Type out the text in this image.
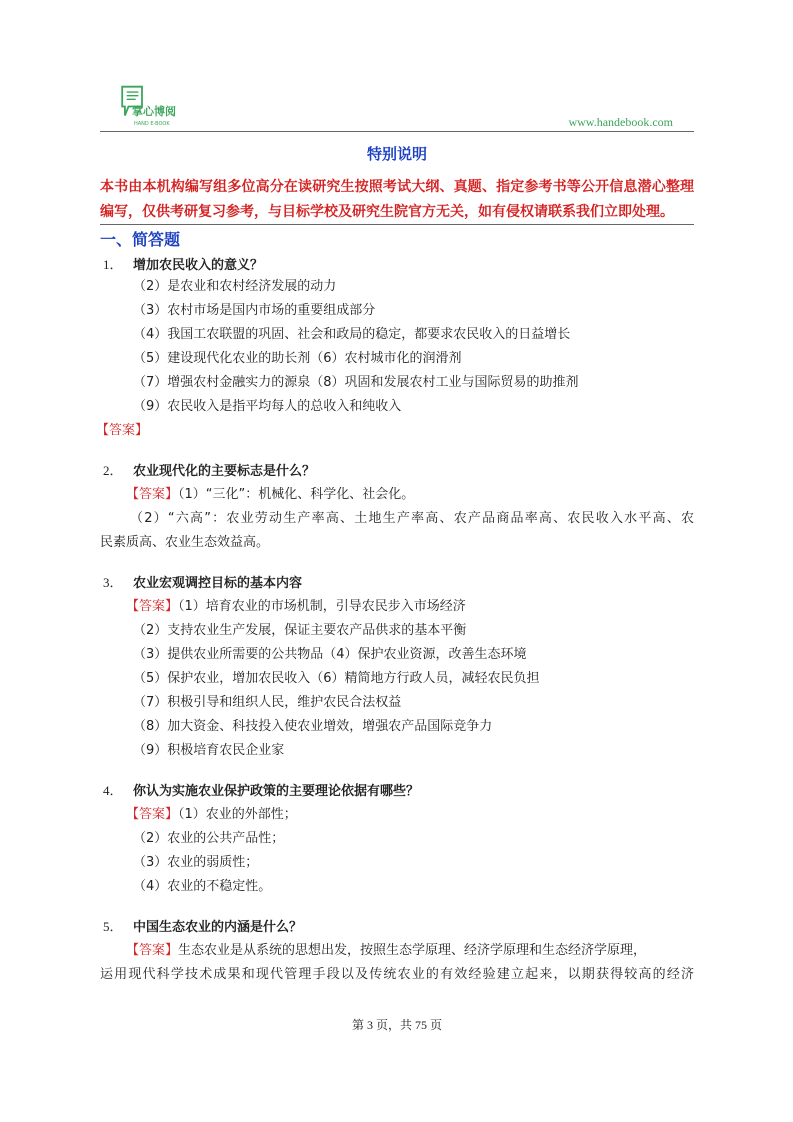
掌心博阅
HAND E-BOOK	www.handebook.com
特别说明
本书由本机构编写组多位高分在读研究生按照考试大纲、真题、指定参考书等公开信息潜心整理
编写，仅供考研复习参考，与目标学校及研究生院官方无关，如有侵权请联系我们立即处理。
一、简答题
1． 增加农民收入的意义？
（2）是农业和农村经济发展的动力
（3）农村市场是国内市场的重要组成部分
（4）我国工农联盟的巩固、社会和政局的稳定，都要求农民收入的日益增长
（5）建设现代化农业的助长剂（6）农村城市化的润滑剂
（7）增强农村金融实力的源泉（8）巩固和发展农村工业与国际贸易的助推剂
（9）农民收入是指平均每人的总收入和纯收入
【答案】
2． 农业现代化的主要标志是什么？
【答案】（1）“三化”：机械化、科学化、社会化。
（2）“六高”：农业劳动生产率高、土地生产率高、农产品商品率高、农民收入水平高、农
民素质高、农业生态效益高。
3． 农业宏观调控目标的基本内容
【答案】（1）培育农业的市场机制，引导农民步入市场经济
（2）支持农业生产发展，保证主要农产品供求的基本平衡
（3）提供农业所需要的公共物品（4）保护农业资源，改善生态环境
（5）保护农业，增加农民收入（6）精简地方行政人员，减轻农民负担
（7）积极引导和组织人民，维护农民合法权益
（8）加大资金、科技投入使农业增效，增强农产品国际竞争力
（9）积极培育农民企业家
4． 你认为实施农业保护政策的主要理论依据有哪些？
【答案】（1）农业的外部性；
（2）农业的公共产品性；
（3）农业的弱质性；
（4）农业的不稳定性。
5． 中国生态农业的内涵是什么？
【答案】生态农业是从系统的思想出发，按照生态学原理、经济学原理和生态经济学原理，
运用现代科学技术成果和现代管理手段以及传统农业的有效经验建立起来，以期获得较高的经济
第 3 页，共 75 页
